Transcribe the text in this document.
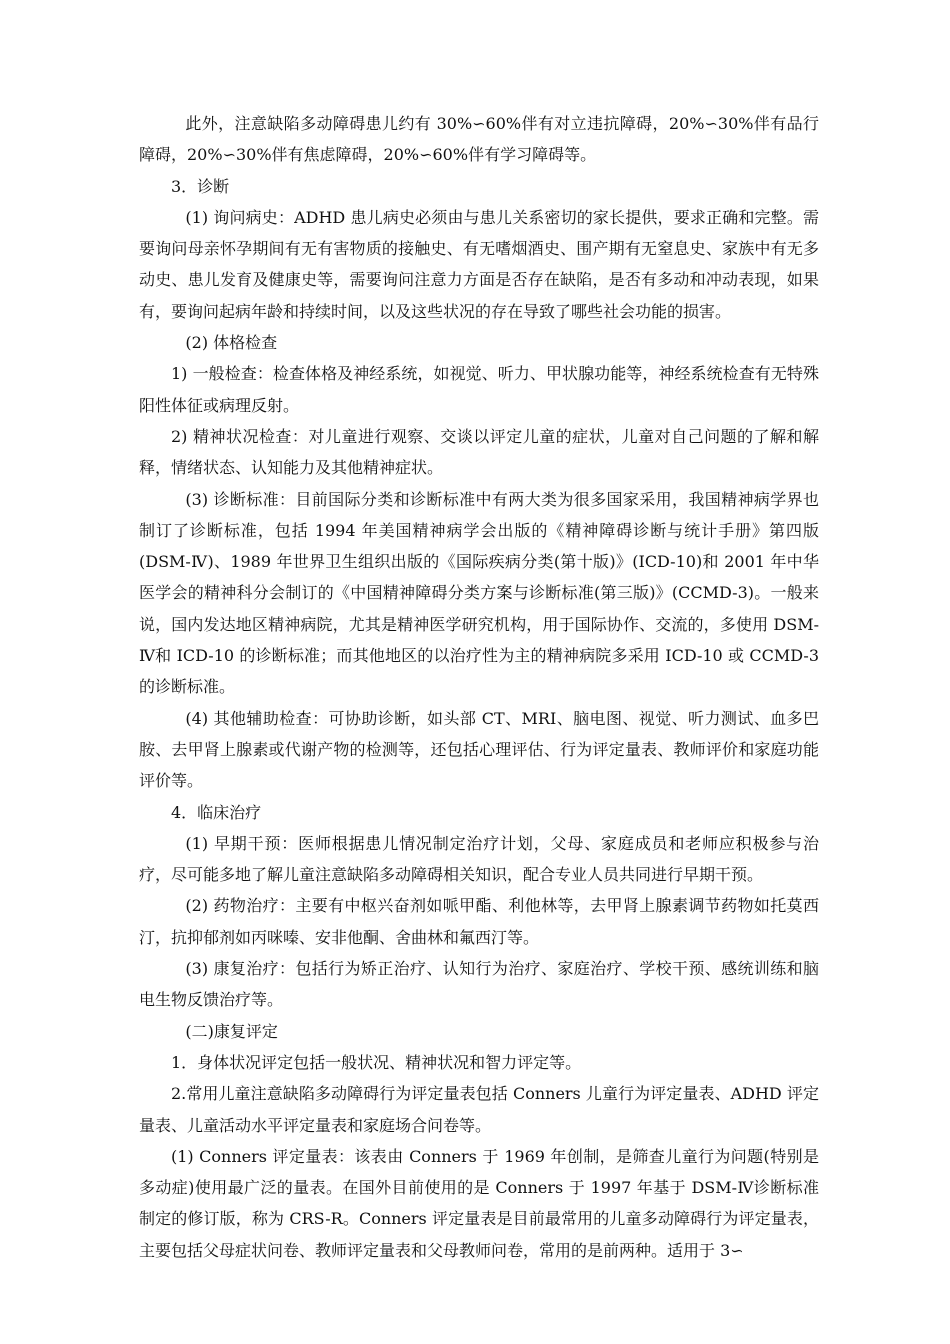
此外，注意缺陷多动障碍患儿约有 30%∽60%伴有对立违抗障碍，20%∽30%伴有品行障碍，20%∽30%伴有焦虑障碍，20%∽60%伴有学习障碍等。

3．诊断

(1) 询问病史：ADHD 患儿病史必须由与患儿关系密切的家长提供，要求正确和完整。需要询问母亲怀孕期间有无有害物质的接触史、有无嗜烟酒史、围产期有无窒息史、家族中有无多动史、患儿发育及健康史等，需要询问注意力方面是否存在缺陷，是否有多动和冲动表现，如果有，要询问起病年龄和持续时间，以及这些状况的存在导致了哪些社会功能的损害。

(2) 体格检查

1) 一般检查：检查体格及神经系统，如视觉、听力、甲状腺功能等，神经系统检查有无特殊阳性体征或病理反射。

2) 精神状况检查：对儿童进行观察、交谈以评定儿童的症状，儿童对自己问题的了解和解释，情绪状态、认知能力及其他精神症状。

(3) 诊断标准：目前国际分类和诊断标准中有两大类为很多国家采用，我国精神病学界也制订了诊断标准，包括 1994 年美国精神病学会出版的《精神障碍诊断与统计手册》第四版(DSM-Ⅳ)、1989 年世界卫生组织出版的《国际疾病分类(第十版)》(ICD-10)和 2001 年中华医学会的精神科分会制订的《中国精神障碍分类方案与诊断标准(第三版)》(CCMD-3)。一般来说，国内发达地区精神病院，尤其是精神医学研究机构，用于国际协作、交流的，多使用 DSM-Ⅳ和 ICD-10 的诊断标准；而其他地区的以治疗性为主的精神病院多采用 ICD-10 或 CCMD-3 的诊断标准。

(4) 其他辅助检查：可协助诊断，如头部 CT、MRI、脑电图、视觉、听力测试、血多巴胺、去甲肾上腺素或代谢产物的检测等，还包括心理评估、行为评定量表、教师评价和家庭功能评价等。

4．临床治疗

(1) 早期干预：医师根据患儿情况制定治疗计划，父母、家庭成员和老师应积极参与治疗，尽可能多地了解儿童注意缺陷多动障碍相关知识，配合专业人员共同进行早期干预。

(2) 药物治疗：主要有中枢兴奋剂如哌甲酯、利他林等，去甲肾上腺素调节药物如托莫西汀，抗抑郁剂如丙咪嗪、安非他酮、舍曲林和氟西汀等。

(3) 康复治疗：包括行为矫正治疗、认知行为治疗、家庭治疗、学校干预、感统训练和脑电生物反馈治疗等。

(二)康复评定

1．身体状况评定包括一般状况、精神状况和智力评定等。

2.常用儿童注意缺陷多动障碍行为评定量表包括 Conners 儿童行为评定量表、ADHD 评定量表、儿童活动水平评定量表和家庭场合问卷等。

(1) Conners 评定量表：该表由 Conners 于 1969 年创制，是筛查儿童行为问题(特别是多动症)使用最广泛的量表。在国外目前使用的是 Conners 于 1997 年基于 DSM-Ⅳ诊断标准制定的修订版，称为 CRS-R。Conners 评定量表是目前最常用的儿童多动障碍行为评定量表，主要包括父母症状问卷、教师评定量表和父母教师问卷，常用的是前两种。适用于 3∽
